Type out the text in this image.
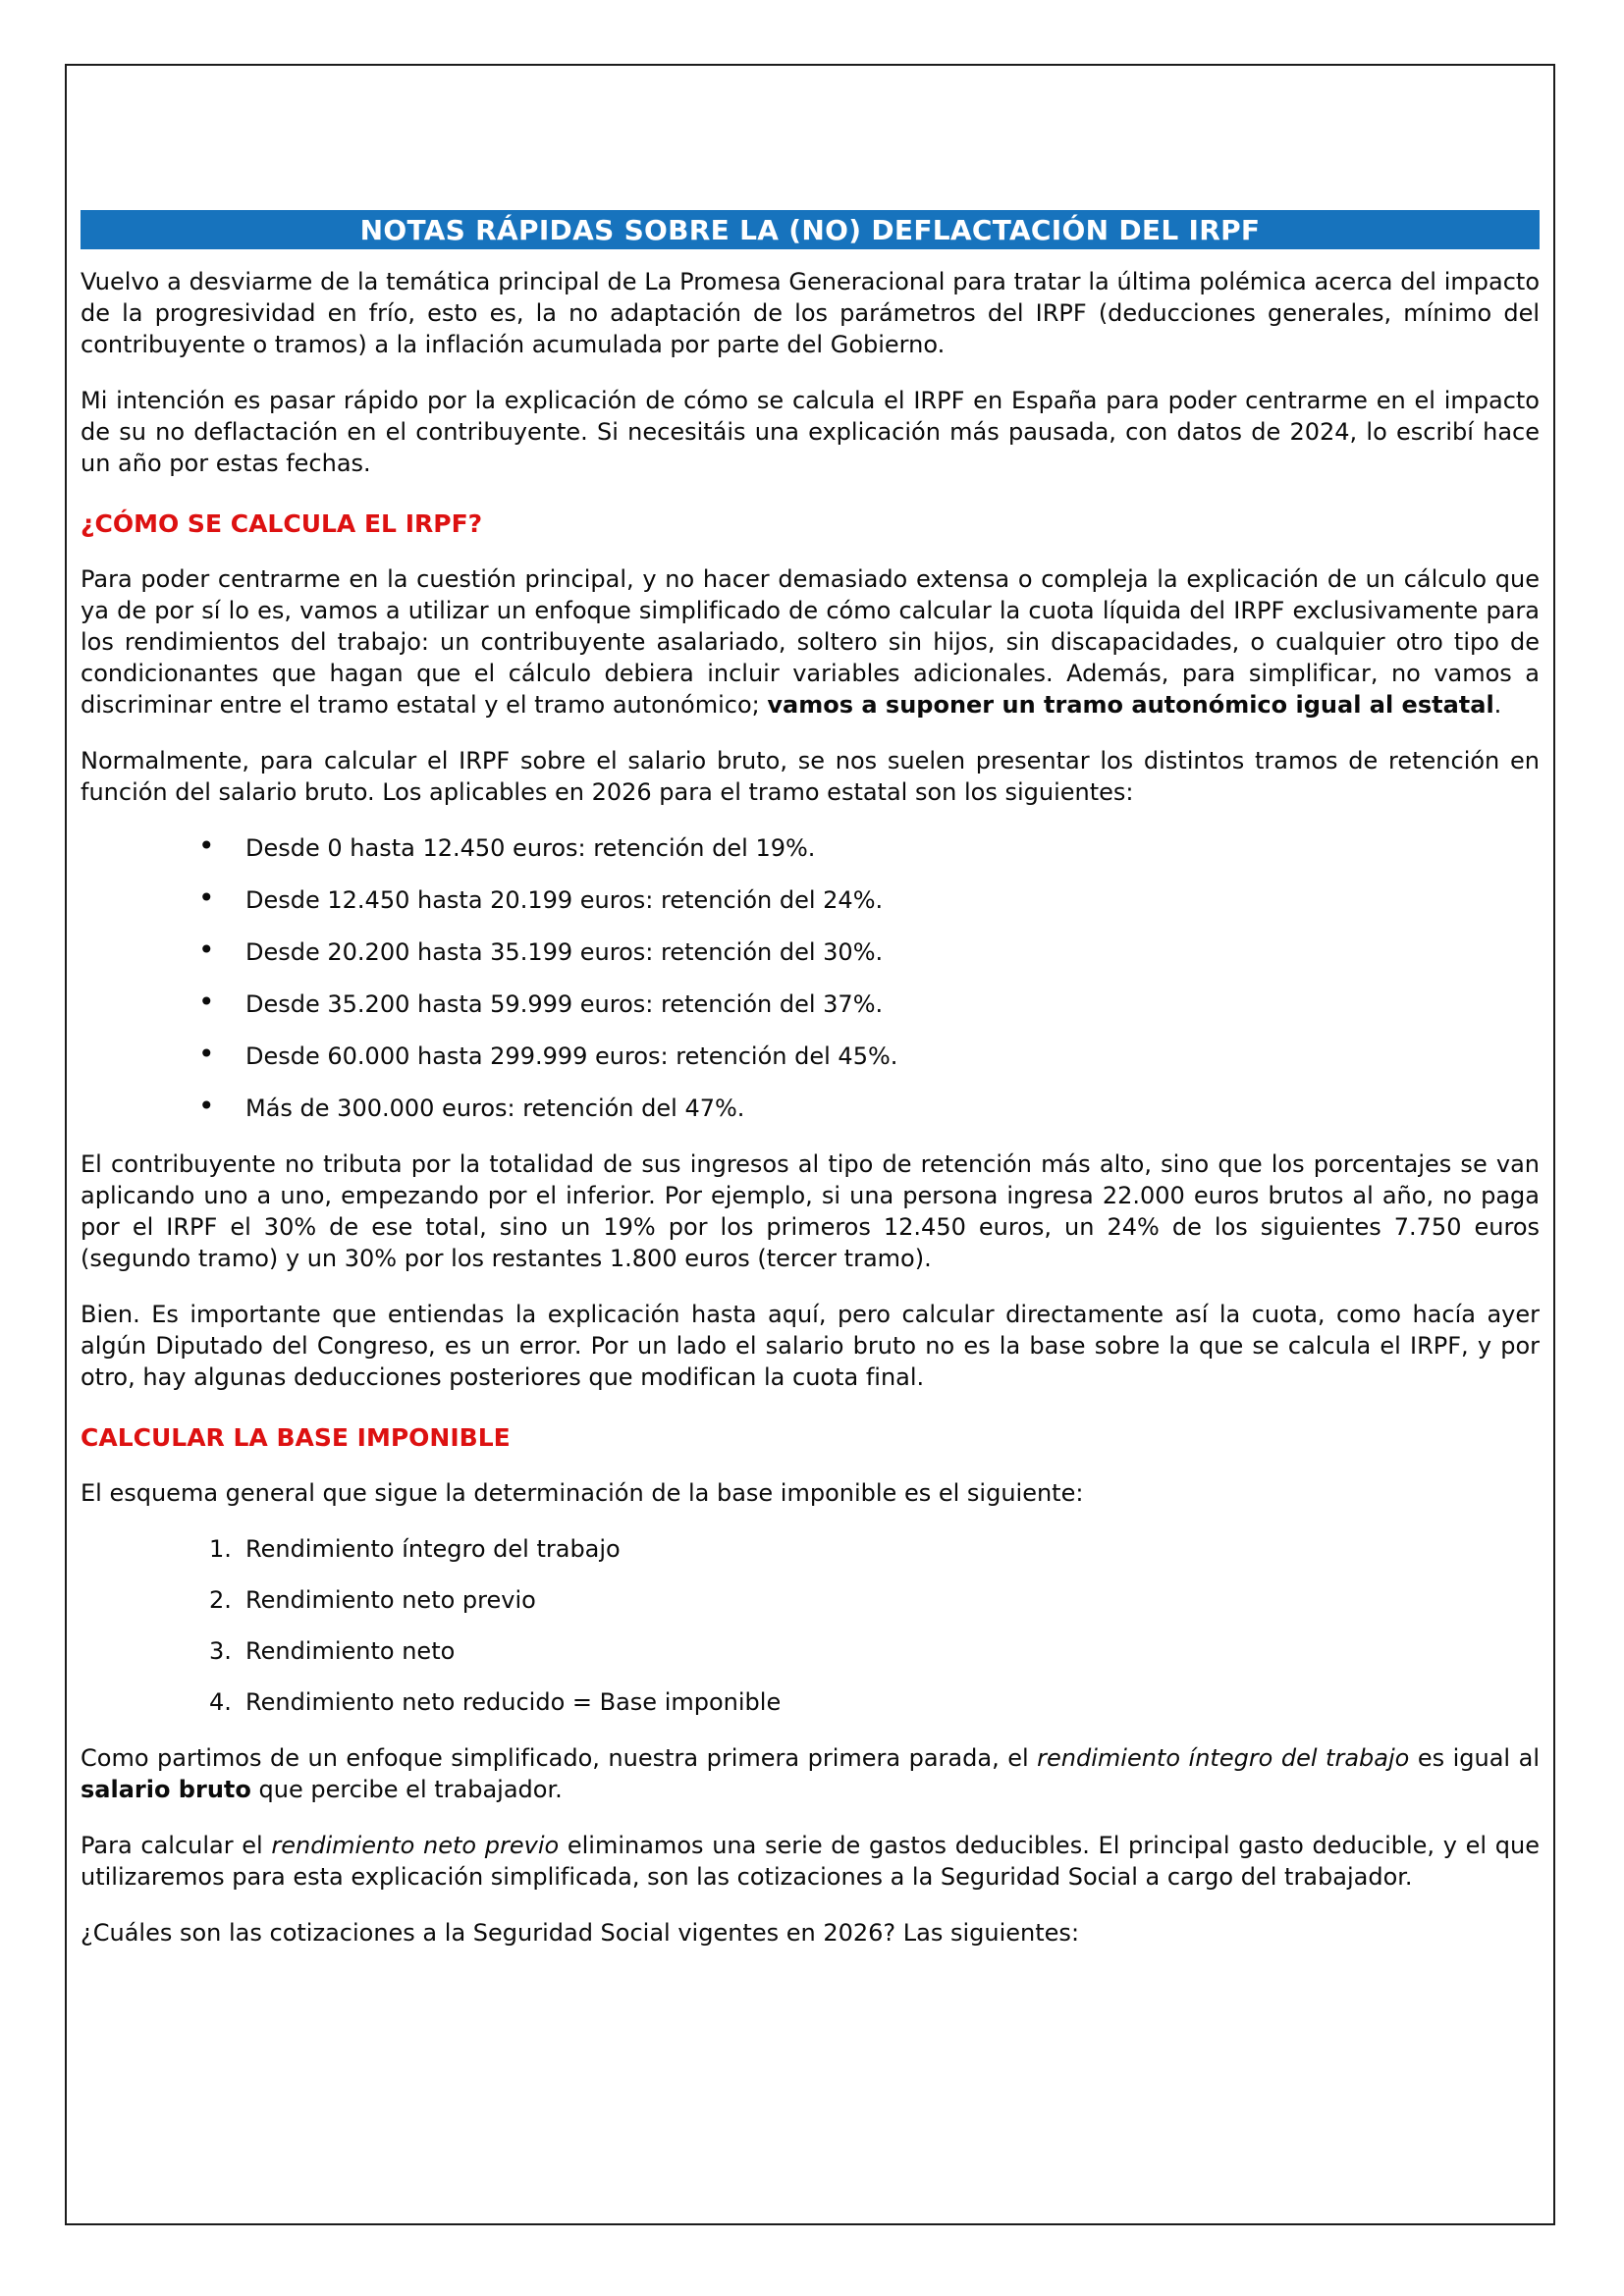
NOTAS RÁPIDAS SOBRE LA (NO) DEFLACTACIÓN DEL IRPF

Vuelvo a desviarme de la temática principal de La Promesa Generacional para tratar la última polémica acerca del impacto de la progresividad en frío, esto es, la no adaptación de los parámetros del IRPF (deducciones generales, mínimo del contribuyente o tramos) a la inflación acumulada por parte del Gobierno.

Mi intención es pasar rápido por la explicación de cómo se calcula el IRPF en España para poder centrarme en el impacto de su no deflactación en el contribuyente. Si necesitáis una explicación más pausada, con datos de 2024, lo escribí hace un año por estas fechas.

¿CÓMO SE CALCULA EL IRPF?

Para poder centrarme en la cuestión principal, y no hacer demasiado extensa o compleja la explicación de un cálculo que ya de por sí lo es, vamos a utilizar un enfoque simplificado de cómo calcular la cuota líquida del IRPF exclusivamente para los rendimientos del trabajo: un contribuyente asalariado, soltero sin hijos, sin discapacidades, o cualquier otro tipo de condicionantes que hagan que el cálculo debiera incluir variables adicionales. Además, para simplificar, no vamos a discriminar entre el tramo estatal y el tramo autonómico; vamos a suponer un tramo autonómico igual al estatal.

Normalmente, para calcular el IRPF sobre el salario bruto, se nos suelen presentar los distintos tramos de retención en función del salario bruto. Los aplicables en 2026 para el tramo estatal son los siguientes:

• Desde 0 hasta 12.450 euros: retención del 19%.
• Desde 12.450 hasta 20.199 euros: retención del 24%.
• Desde 20.200 hasta 35.199 euros: retención del 30%.
• Desde 35.200 hasta 59.999 euros: retención del 37%.
• Desde 60.000 hasta 299.999 euros: retención del 45%.
• Más de 300.000 euros: retención del 47%.

El contribuyente no tributa por la totalidad de sus ingresos al tipo de retención más alto, sino que los porcentajes se van aplicando uno a uno, empezando por el inferior. Por ejemplo, si una persona ingresa 22.000 euros brutos al año, no paga por el IRPF el 30% de ese total, sino un 19% por los primeros 12.450 euros, un 24% de los siguientes 7.750 euros (segundo tramo) y un 30% por los restantes 1.800 euros (tercer tramo).

Bien. Es importante que entiendas la explicación hasta aquí, pero calcular directamente así la cuota, como hacía ayer algún Diputado del Congreso, es un error. Por un lado el salario bruto no es la base sobre la que se calcula el IRPF, y por otro, hay algunas deducciones posteriores que modifican la cuota final.

CALCULAR LA BASE IMPONIBLE

El esquema general que sigue la determinación de la base imponible es el siguiente:

Rendimiento íntegro del trabajo
Rendimiento neto previo
Rendimiento neto
Rendimiento neto reducido = Base imponible

Como partimos de un enfoque simplificado, nuestra primera primera parada, el rendimiento íntegro del trabajo es igual al salario bruto que percibe el trabajador.

Para calcular el rendimiento neto previo eliminamos una serie de gastos deducibles. El principal gasto deducible, y el que utilizaremos para esta explicación simplificada, son las cotizaciones a la Seguridad Social a cargo del trabajador.

¿Cuáles son las cotizaciones a la Seguridad Social vigentes en 2026? Las siguientes:
